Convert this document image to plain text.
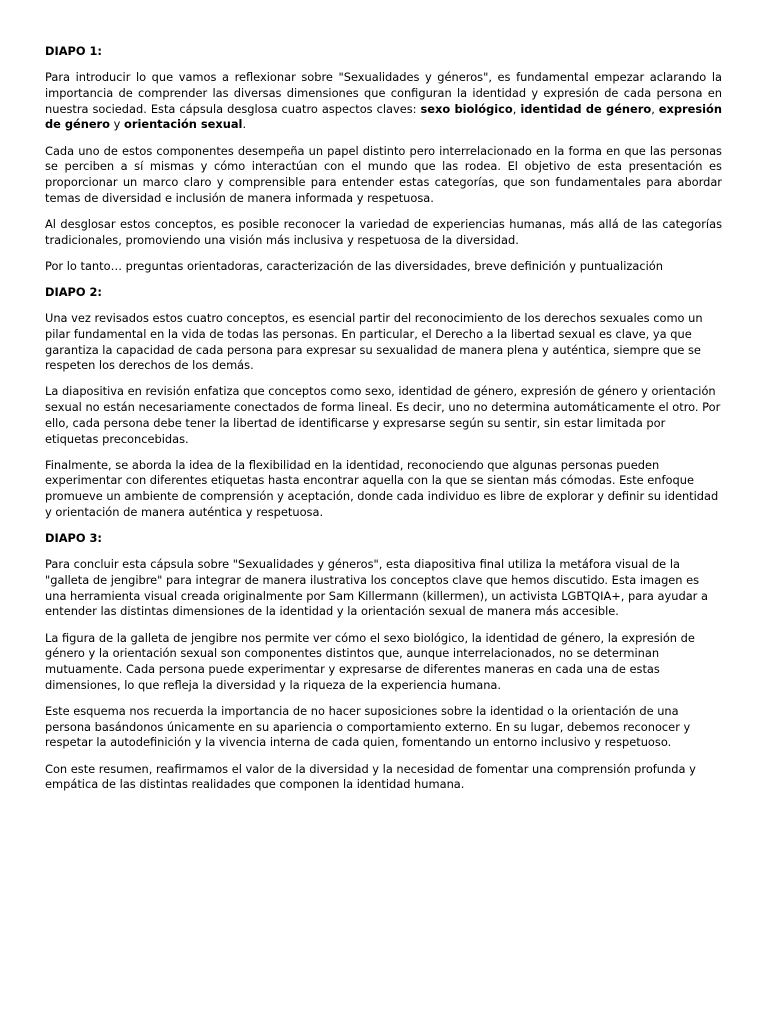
DIAPO 1:

Para introducir lo que vamos a reflexionar sobre "Sexualidades y géneros", es fundamental empezar aclarando la importancia de comprender las diversas dimensiones que configuran la identidad y expresión de cada persona en nuestra sociedad. Esta cápsula desglosa cuatro aspectos claves: sexo biológico, identidad de género, expresión de género y orientación sexual.

Cada uno de estos componentes desempeña un papel distinto pero interrelacionado en la forma en que las personas se perciben a sí mismas y cómo interactúan con el mundo que las rodea. El objetivo de esta presentación es proporcionar un marco claro y comprensible para entender estas categorías, que son fundamentales para abordar temas de diversidad e inclusión de manera informada y respetuosa.

Al desglosar estos conceptos, es posible reconocer la variedad de experiencias humanas, más allá de las categorías tradicionales, promoviendo una visión más inclusiva y respetuosa de la diversidad.

Por lo tanto… preguntas orientadoras, caracterización de las diversidades, breve definición y puntualización

DIAPO 2:

Una vez revisados estos cuatro conceptos, es esencial partir del reconocimiento de los derechos sexuales como un pilar fundamental en la vida de todas las personas. En particular, el Derecho a la libertad sexual es clave, ya que garantiza la capacidad de cada persona para expresar su sexualidad de manera plena y auténtica, siempre que se respeten los derechos de los demás.

La diapositiva en revisión enfatiza que conceptos como sexo, identidad de género, expresión de género y orientación sexual no están necesariamente conectados de forma lineal. Es decir, uno no determina automáticamente el otro. Por ello, cada persona debe tener la libertad de identificarse y expresarse según su sentir, sin estar limitada por etiquetas preconcebidas.

Finalmente, se aborda la idea de la flexibilidad en la identidad, reconociendo que algunas personas pueden experimentar con diferentes etiquetas hasta encontrar aquella con la que se sientan más cómodas. Este enfoque promueve un ambiente de comprensión y aceptación, donde cada individuo es libre de explorar y definir su identidad y orientación de manera auténtica y respetuosa.

DIAPO 3:

Para concluir esta cápsula sobre "Sexualidades y géneros", esta diapositiva final utiliza la metáfora visual de la "galleta de jengibre" para integrar de manera ilustrativa los conceptos clave que hemos discutido. Esta imagen es una herramienta visual creada originalmente por Sam Killermann (killermen), un activista LGBTQIA+, para ayudar a entender las distintas dimensiones de la identidad y la orientación sexual de manera más accesible.

La figura de la galleta de jengibre nos permite ver cómo el sexo biológico, la identidad de género, la expresión de género y la orientación sexual son componentes distintos que, aunque interrelacionados, no se determinan mutuamente. Cada persona puede experimentar y expresarse de diferentes maneras en cada una de estas dimensiones, lo que refleja la diversidad y la riqueza de la experiencia humana.

Este esquema nos recuerda la importancia de no hacer suposiciones sobre la identidad o la orientación de una persona basándonos únicamente en su apariencia o comportamiento externo. En su lugar, debemos reconocer y respetar la autodefinición y la vivencia interna de cada quien, fomentando un entorno inclusivo y respetuoso.

Con este resumen, reafirmamos el valor de la diversidad y la necesidad de fomentar una comprensión profunda y empática de las distintas realidades que componen la identidad humana.
